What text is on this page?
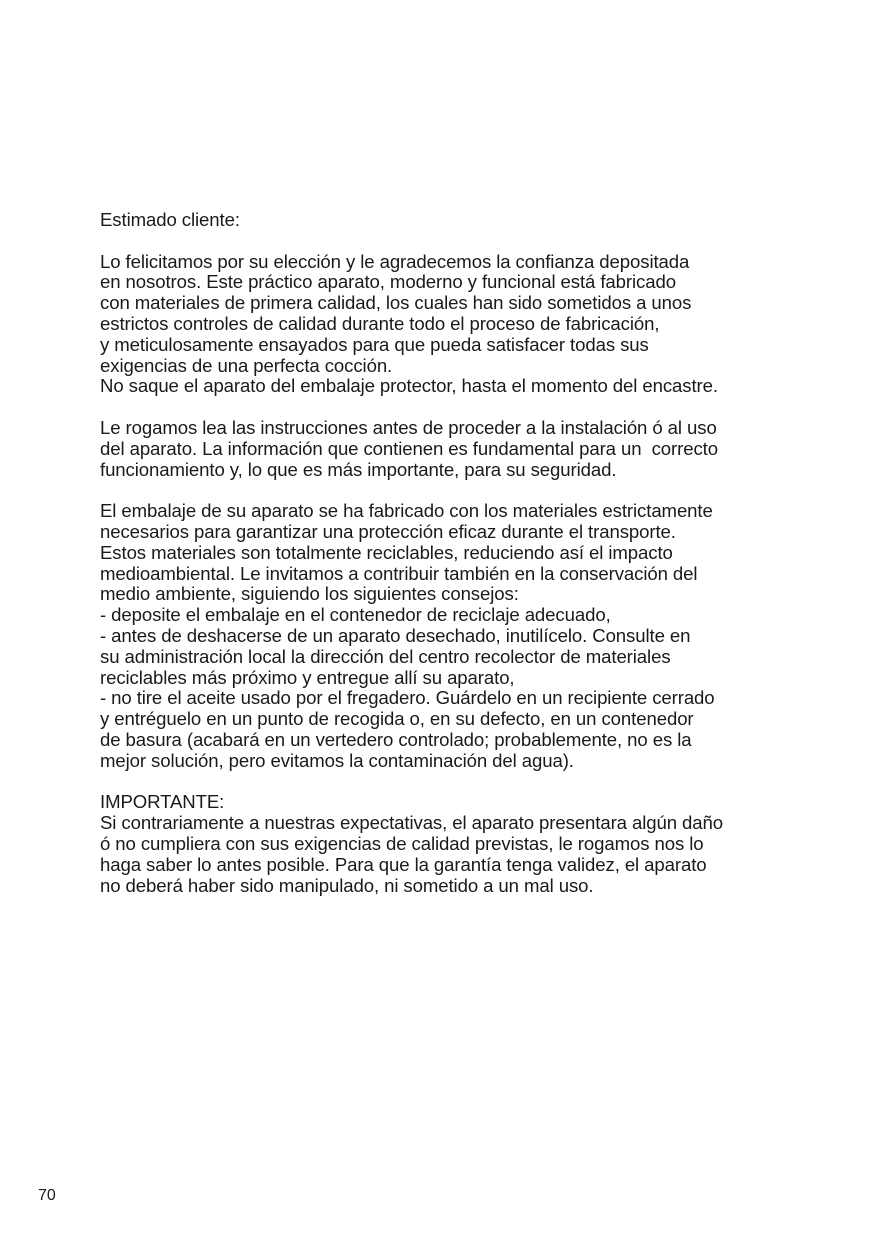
Estimado cliente:

Lo felicitamos por su elección y le agradecemos la confianza depositada
en nosotros. Este práctico aparato, moderno y funcional está fabricado
con materiales de primera calidad, los cuales han sido sometidos a unos
estrictos controles de calidad durante todo el proceso de fabricación,
y meticulosamente ensayados para que pueda satisfacer todas sus
exigencias de una perfecta cocción.
No saque el aparato del embalaje protector, hasta el momento del encastre.

Le rogamos lea las instrucciones antes de proceder a la instalación ó al uso
del aparato. La información que contienen es fundamental para un  correcto
funcionamiento y, lo que es más importante, para su seguridad.

El embalaje de su aparato se ha fabricado con los materiales estrictamente
necesarios para garantizar una protección eficaz durante el transporte.
Estos materiales son totalmente reciclables, reduciendo así el impacto
medioambiental. Le invitamos a contribuir también en la conservación del
medio ambiente, siguiendo los siguientes consejos:
- deposite el embalaje en el contenedor de reciclaje adecuado,
- antes de deshacerse de un aparato desechado, inutilícelo. Consulte en
su administración local la dirección del centro recolector de materiales
reciclables más próximo y entregue allí su aparato,
- no tire el aceite usado por el fregadero. Guárdelo en un recipiente cerrado
y entréguelo en un punto de recogida o, en su defecto, en un contenedor
de basura (acabará en un vertedero controlado; probablemente, no es la
mejor solución, pero evitamos la contaminación del agua).

IMPORTANTE:
Si contrariamente a nuestras expectativas, el aparato presentara algún daño
ó no cumpliera con sus exigencias de calidad previstas, le rogamos nos lo
haga saber lo antes posible. Para que la garantía tenga validez, el aparato
no deberá haber sido manipulado, ni sometido a un mal uso.

70
